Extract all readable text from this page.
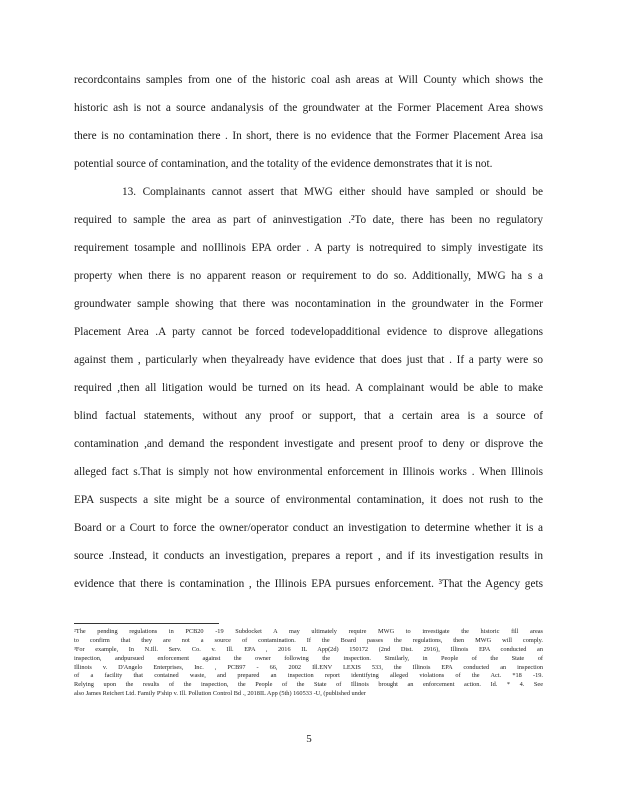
recordcontains samples from one of the historic coal ash areas at Will County which shows the
historic ash is not a source andanalysis of the groundwater at the Former Placement Area shows
there is no contamination there . In short, there is no evidence that the Former Placement Area isa
potential source of contamination, and the totality of the evidence demonstrates that it is not.
13. Complainants cannot assert that MWG either should have sampled or should be
required to sample the area as part of aninvestigation .²To date, there has been no regulatory
requirement tosample and noIllinois EPA order . A party is notrequired to simply investigate its
property when there is no apparent reason or requirement to do so. Additionally, MWG ha s a
groundwater sample showing that there was nocontamination in the groundwater in the Former
Placement Area .A party cannot be forced todevelopadditional evidence to disprove allegations
against them , particularly when theyalready have evidence that does just that . If a party were so
required ,then all litigation would be turned on its head. A complainant would be able to make
blind factual statements, without any proof or support, that a certain area is a source of
contamination ,and demand the respondent investigate and present proof to deny or disprove the
alleged fact s.That is simply not how environmental enforcement in Illinois works . When Illinois
EPA suspects a site might be a source of environmental contamination, it does not rush to the
Board or a Court to force the owner/operator conduct an investigation to determine whether it is a
source .Instead, it conducts an investigation, prepares a report , and if its investigation results in
evidence that there is contamination , the Illinois EPA pursues enforcement. ³That the Agency gets
²The pending regulations in PCB20 -19 Subdocket A may ultimately require MWG to investigate the historic fill areas
to confirm that they are not a source of contamination. If the Board passes the regulations, then MWG will comply.
³For example, In N.Ill. Serv. Co. v. Ill. EPA , 2016 IL App(2d) 150172 (2nd Dist. 2916), Illinois EPA conducted an
inspection, andpursued enforcement against the owner following the inspection. Similarly, in People of the State of
Illinois v. D'Angelo Enterprises, Inc. , PCB97 - 66, 2002 Ill.ENV LEXIS 533, the Illinois EPA conducted an inspection
of a facility that contained waste, and prepared an inspection report identifying alleged violations of the Act. *18 -19.
Relying upon the results of the inspection, the People of the State of Illinois brought an enforcement action. Id. * 4. See
also James Reichert Ltd. Family P'ship v. Ill. Pollution Control Bd ., 2018IL App (5th) 160533 -U, (published under
5
